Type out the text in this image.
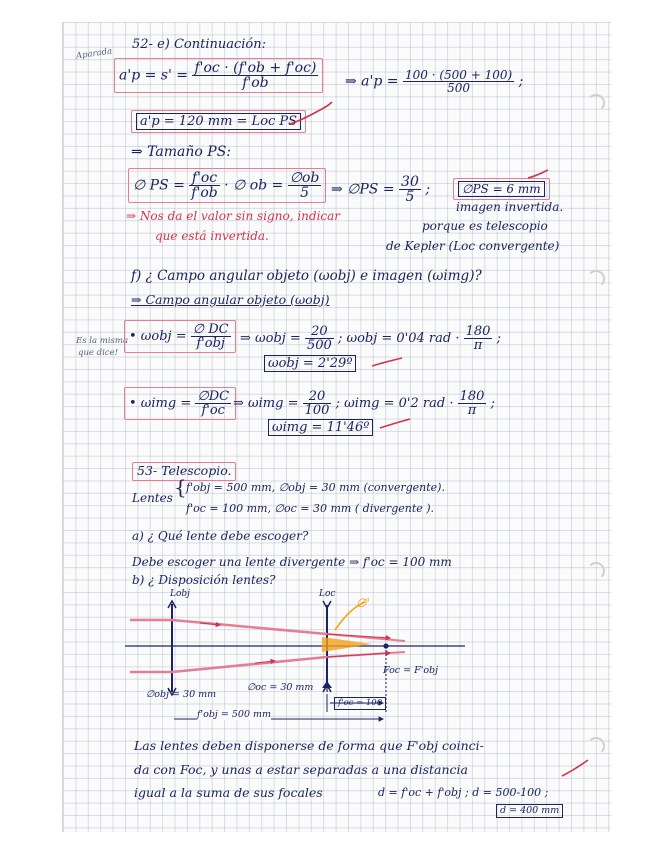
Aparada
Es la misma
que dice!
52- e) Continuación:
$a'p = s' = \frac{f'oc \cdot (f'ob + f'oc)}{f'ob}$ ⇒ $a'p = \frac{100 \cdot (500 + 100)}{500}$ ;
a'p = 120 mm = Loc PS
⇒ Tamaño PS:
∅ PS = $\frac{f'oc}{f'ob}$ · ∅ ob = $\frac{\emptyset ob}{5}$ ⇒ ∅PS = $\frac{30}{5}$ ;	∅PS = 6 mm
imagen invertida.
⇒ Nos da el valor sin signo, indicar
que está invertida.
porque es telescopio
de Kepler (Loc convergente)
f) ¿ Campo angular objeto (ωobj) e imagen (ωimg)?
⇒ Campo angular objeto (ωobj)
• $\omega obj = \frac{\emptyset DC}{\text{f'obj}}$ ⇒ $\omega obj = \frac{20}{500}$ ; ωobj = 0'04 rad · $\frac{180}{\pi}$ ;
ωobj = 2'29º
• $\omega img = \frac{\emptyset DC}{f'oc}$ ⇒ $\omega img = \frac{20}{100}$ ; ωimg = 0'2 rad · $\frac{180}{\pi}$ ;
ωimg = 11'46º
53- Telescopio.
Lentes { f'obj = 500 mm, ∅obj = 30 mm (convergente).
f'oc = 100 mm, ∅oc = 30 mm ( divergente ).
a) ¿ Qué lente debe escoger?
Debe escoger una lente divergente ⇒ f'oc = 100 mm
b) ¿ Disposición lentes?
Lobj	Loc
∅'
∅obj = 30 mm
∅oc = 30 mm
Foc = F'obj
f'oc = 100
f'obj = 500 mm
Las lentes deben disponerse de forma que F'obj coinci-
da con Foc, y unas a estar separadas a una distancia
igual a la suma de sus focales	d = f'oc + f'obj ; d = 500-100 ;
d = 400 mm
